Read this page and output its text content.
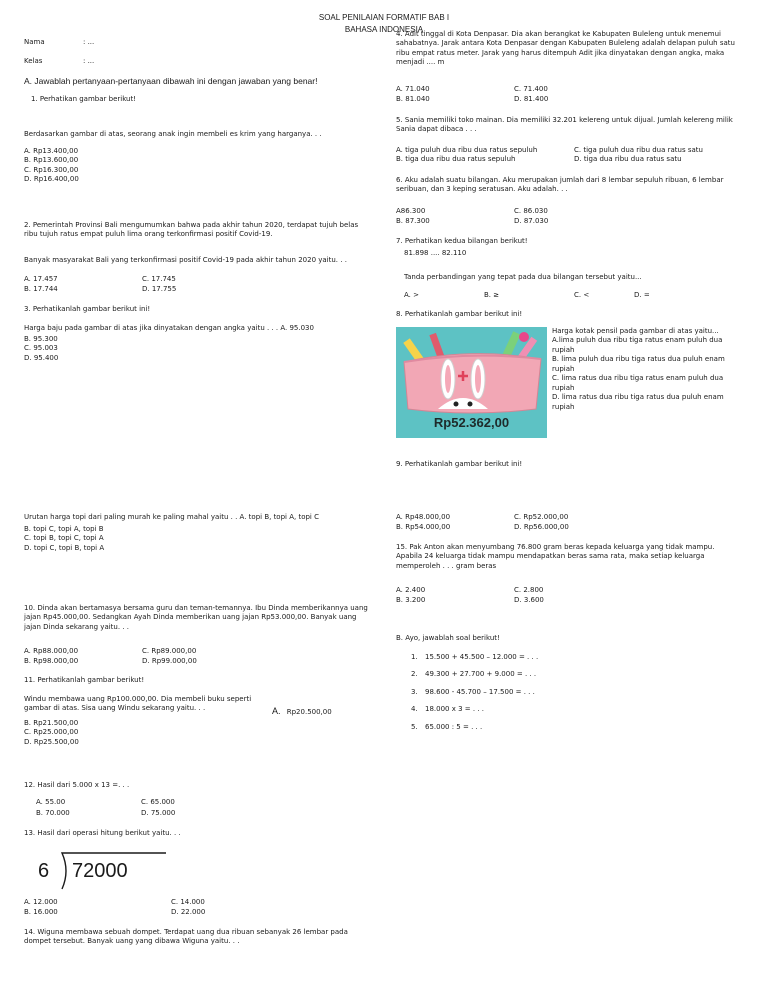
SOAL PENILAIAN FORMATIF BAB I
BAHASA INDONESIA
Nama	: ...
Kelas	: ...
A. Jawablah pertanyaan-pertanyaan dibawah ini dengan jawaban yang benar!
1. Perhatikan gambar berikut!
Berdasarkan gambar di atas, seorang anak ingin membeli es krim yang harganya. . .
A. Rp13.400,00
B. Rp13.600,00
C. Rp16.300,00
D. Rp16.400,00
2. Pemerintah Provinsi Bali mengumumkan bahwa pada akhir tahun 2020, terdapat tujuh belas ribu tujuh ratus empat puluh lima orang terkonfirmasi positif Covid-19.
Banyak masyarakat Bali yang terkonfirmasi positif Covid-19 pada akhir tahun 2020 yaitu. . .
A. 17.457	C. 17.745
B. 17.744	D. 17.755
3. Perhatikanlah gambar berikut ini!
Harga baju pada gambar di atas jika dinyatakan dengan angka yaitu . . . A. 95.030
B. 95.300
C. 95.003
D. 95.400
Urutan harga topi dari paling murah ke paling mahal yaitu . . A. topi B, topi A, topi C
B. topi C, topi A, topi B
C. topi B, topi C, topi A
D. topi C, topi B, topi A
10. Dinda akan bertamasya bersama guru dan teman-temannya. Ibu Dinda memberikannya uang jajan Rp45.000,00. Sedangkan Ayah Dinda memberikan uang jajan Rp53.000,00. Banyak uang jajan Dinda sekarang yaitu. . .
A. Rp88.000,00	C. Rp89.000,00
B. Rp98.000,00	D. Rp99.000,00
11. Perhatikanlah gambar berikut!
Windu membawa uang Rp100.000,00. Dia membeli buku seperti gambar di atas. Sisa uang Windu sekarang yaitu. . .	A. Rp20.500,00
B. Rp21.500,00
C. Rp25.000,00
D. Rp25.500,00
12. Hasil dari 5.000 x 13 =. . .
A. 55.00	C. 65.000
B. 70.000	D. 75.000
13. Hasil dari operasi hitung berikut yaitu. . .
6 72000
A. 12.000	C. 14.000
B. 16.000	D. 22.000
14. Wiguna membawa sebuah dompet. Terdapat uang dua ribuan sebanyak 26 lembar pada dompet tersebut. Banyak uang yang dibawa Wiguna yaitu. . .
4. Adit tinggal di Kota Denpasar. Dia akan berangkat ke Kabupaten Buleleng untuk menemui sahabatnya. Jarak antara Kota Denpasar dengan Kabupaten Buleleng adalah delapan puluh satu ribu empat ratus meter. Jarak yang harus ditempuh Adit jika dinyatakan dengan angka, maka menjadi .... m
A. 71.040	C. 71.400
B. 81.040	D. 81.400
5. Sania memiliki toko mainan. Dia memiliki 32.201 kelereng untuk dijual. Jumlah kelereng milik Sania dapat dibaca . . .
A. tiga puluh dua ribu dua ratus sepuluh	C. tiga puluh dua ribu dua ratus satu
B. tiga dua ribu dua ratus sepuluh	D. tiga dua ribu dua ratus satu
6. Aku adalah suatu bilangan. Aku merupakan jumlah dari 8 lembar sepuluh ribuan, 6 lembar seribuan, dan 3 keping seratusan. Aku adalah. . .
A86.300	C. 86.030
B. 87.300	D. 87.030
7. Perhatikan kedua bilangan berikut!
81.898 .... 82.110
Tanda perbandingan yang tepat pada dua bilangan tersebut yaitu...
A. >	B. ≥	C. <	D. =
8. Perhatikanlah gambar berikut ini!
Rp52.362,00
Harga kotak pensil pada gambar di atas yaitu...
A.lima puluh dua ribu tiga ratus enam puluh dua rupiah
B. lima puluh dua ribu tiga ratus dua puluh enam rupiah
C. lima ratus dua ribu tiga ratus enam puluh dua rupiah
D. lima ratus dua ribu tiga ratus dua puluh enam rupiah
9. Perhatikanlah gambar berikut ini!
A. Rp48.000,00	C. Rp52.000,00
B. Rp54.000,00	D. Rp56.000,00
15. Pak Anton akan menyumbang 76.800 gram beras kepada keluarga yang tidak mampu. Apabila 24 keluarga tidak mampu mendapatkan beras sama rata, maka setiap keluarga memperoleh . . . gram beras
A. 2.400	C. 2.800
B. 3.200	D. 3.600
B. Ayo, jawablah soal berikut!
1.	15.500 + 45.500 – 12.000 = . . .
2.	49.300 + 27.700 + 9.000 = . . .
3.	98.600 - 45.700 – 17.500 = . . .
4.	18.000 x 3 = . . .
5.	65.000 : 5 = . . .
